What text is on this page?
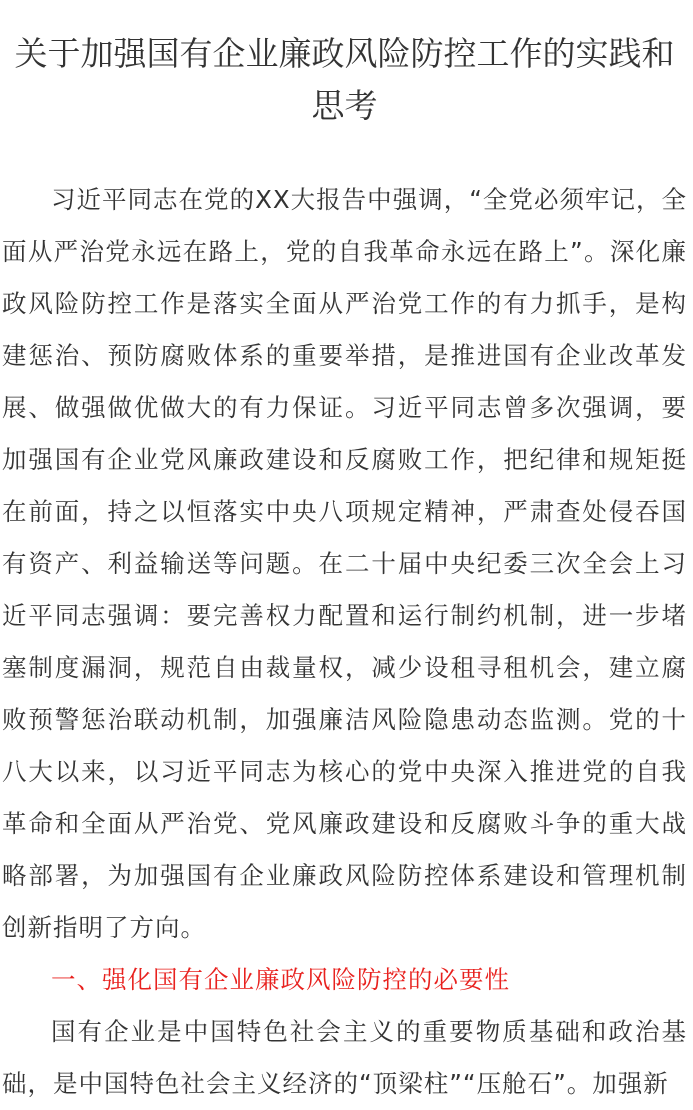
关于加强国有企业廉政风险防控工作的实践和思考

习近平同志在党的XX大报告中强调，“全党必须牢记，全面从严治党永远在路上，党的自我革命永远在路上”。深化廉政风险防控工作是落实全面从严治党工作的有力抓手，是构建惩治、预防腐败体系的重要举措，是推进国有企业改革发展、做强做优做大的有力保证。习近平同志曾多次强调，要加强国有企业党风廉政建设和反腐败工作，把纪律和规矩挺在前面，持之以恒落实中央八项规定精神，严肃查处侵吞国有资产、利益输送等问题。在二十届中央纪委三次全会上习近平同志强调：要完善权力配置和运行制约机制，进一步堵塞制度漏洞，规范自由裁量权，减少设租寻租机会，建立腐败预警惩治联动机制，加强廉洁风险隐患动态监测。党的十八大以来，以习近平同志为核心的党中央深入推进党的自我革命和全面从严治党、党风廉政建设和反腐败斗争的重大战略部署，为加强国有企业廉政风险防控体系建设和管理机制创新指明了方向。

一、强化国有企业廉政风险防控的必要性

国有企业是中国特色社会主义的重要物质基础和政治基础，是中国特色社会主义经济的“顶梁柱”“压舱石”。加强新
